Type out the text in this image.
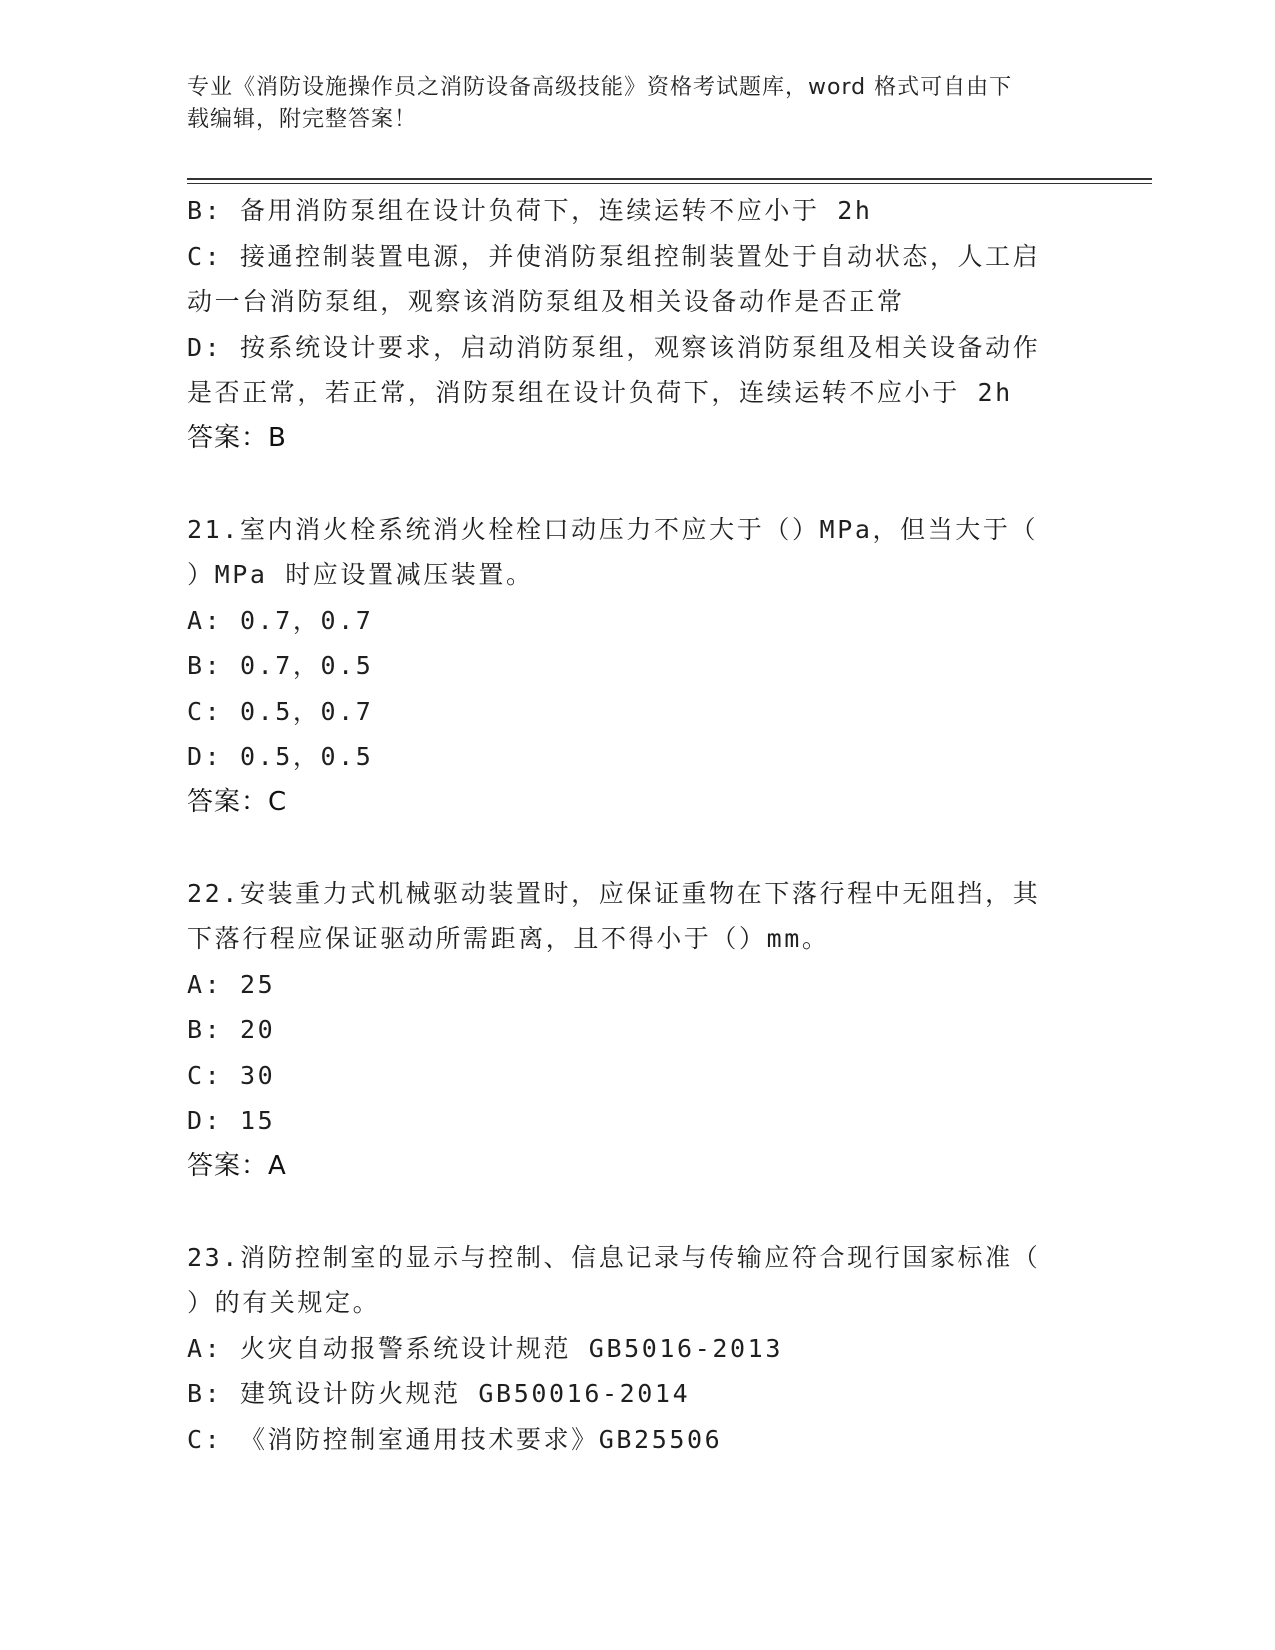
专业《消防设施操作员之消防设备高级技能》资格考试题库，word 格式可自由下
载编辑，附完整答案！
B: 备用消防泵组在设计负荷下，连续运转不应小于 2h
C: 接通控制装置电源，并使消防泵组控制装置处于自动状态，人工启
动一台消防泵组，观察该消防泵组及相关设备动作是否正常
D: 按系统设计要求，启动消防泵组，观察该消防泵组及相关设备动作
是否正常，若正常，消防泵组在设计负荷下，连续运转不应小于 2h
答案：B
21.室内消火栓系统消火栓栓口动压力不应大于（）MPa，但当大于（
）MPa 时应设置减压装置。
A: 0.7，0.7
B: 0.7，0.5
C: 0.5，0.7
D: 0.5，0.5
答案：C
22.安装重力式机械驱动装置时，应保证重物在下落行程中无阻挡，其
下落行程应保证驱动所需距离，且不得小于（）mm。
A: 25
B: 20
C: 30
D: 15
答案：A
23.消防控制室的显示与控制、信息记录与传输应符合现行国家标准（
）的有关规定。
A: 火灾自动报警系统设计规范 GB5016-2013
B: 建筑设计防火规范 GB50016-2014
C: 《消防控制室通用技术要求》GB25506
